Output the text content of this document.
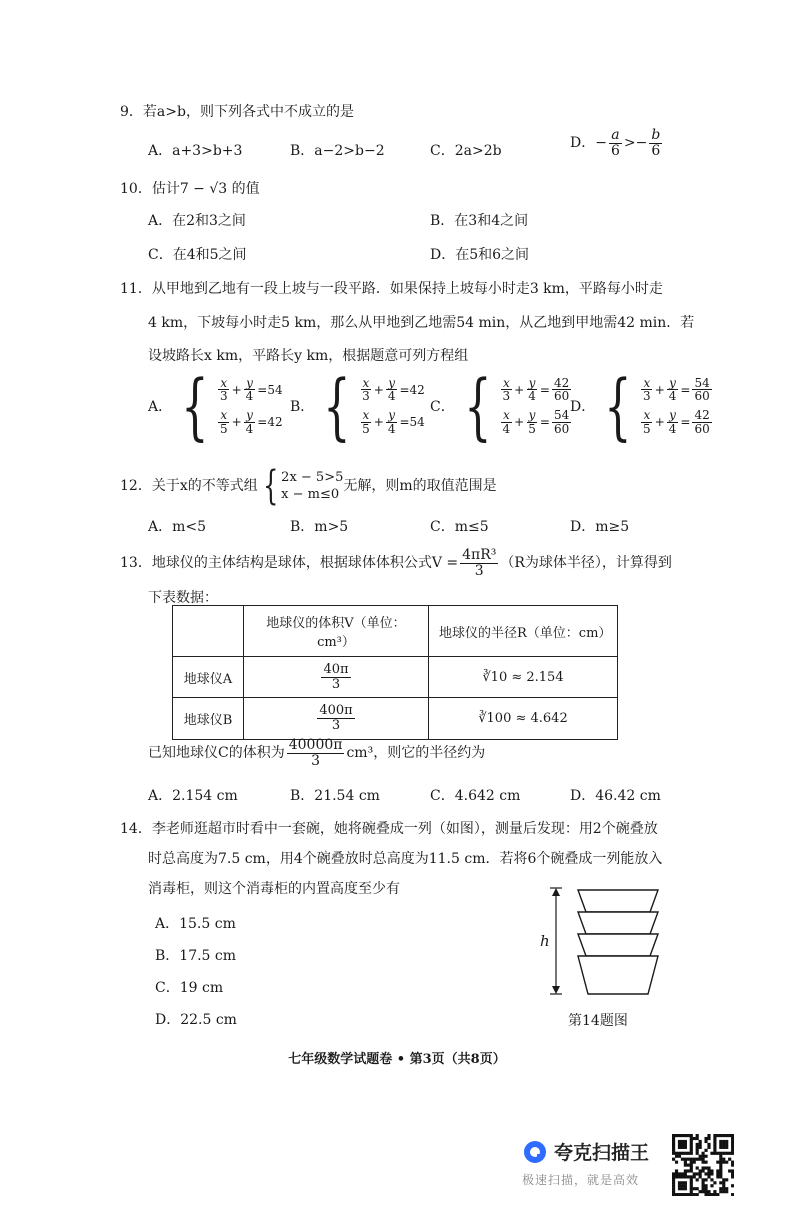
9．若a>b，则下列各式中不成立的是
A．a+3>b+3	B．a−2>b−2	C．2a>2b	D．− $\frac{a}{6} >- \frac{b}{6}$
10．估计7 − √3 的值
A．在2和3之间	B．在3和4之间
C．在4和5之间	D．在5和6之间
11．从甲地到乙地有一段上坡与一段平路．如果保持上坡每小时走3 km，平路每小时走
4 km，下坡每小时走5 km，那么从甲地到乙地需54 min，从乙地到甲地需42 min．若
设坡路长x km，平路长y km，根据题意可列方程组
A． { $\frac{x}{3} + \frac{y}{4} = 54$
$\frac{x}{5} + \frac{y}{4} = 42$
B． { $\frac{x}{3} + \frac{y}{4} = 42$
$\frac{x}{5} + \frac{y}{4} = 54$
C． { $\frac{x}{3} + \frac{y}{4} = \frac{42}{60}$
$\frac{x}{4} + \frac{y}{5} = \frac{54}{60}$
D． { $\frac{x}{3} + \frac{y}{4} = \frac{54}{60}$
$\frac{x}{5} + \frac{y}{4} = \frac{42}{60}$
12．关于x的不等式组 { 2x − 5>5
x − m≤0
无解，则m的取值范围是
A．m<5	B．m>5	C．m≤5	D．m≥5
13．地球仪的主体结构是球体，根据球体体积公式$V = \frac{\text{4πR³}}{3} (R$为球体半径），计算得到
下表数据：
	地球仪的体积V（单位：cm³）	地球仪的半径R（单位：cm）
地球仪A	$\frac{40\pi}{3}$	∛10 ≈ 2.154
地球仪B	$\frac{400\pi}{3}$	∛100 ≈ 4.642
已知地球仪C的体积为 $\frac{40000\pi}{3} cm^3$，则它的半径约为
A．2.154 cm	B．21.54 cm	C．4.642 cm	D．46.42 cm
14．李老师逛超市时看中一套碗，她将碗叠成一列（如图），测量后发现：用2个碗叠放
时总高度为7.5 cm，用4个碗叠放时总高度为11.5 cm．若将6个碗叠成一列能放入
消毒柜，则这个消毒柜的内置高度至少有
A．15.5 cm
B．17.5 cm
C．19 cm
D．22.5 cm
h
第14题图
七年级数学试题卷 • 第3页（共8页）
夸克扫描王
极速扫描，就是高效
